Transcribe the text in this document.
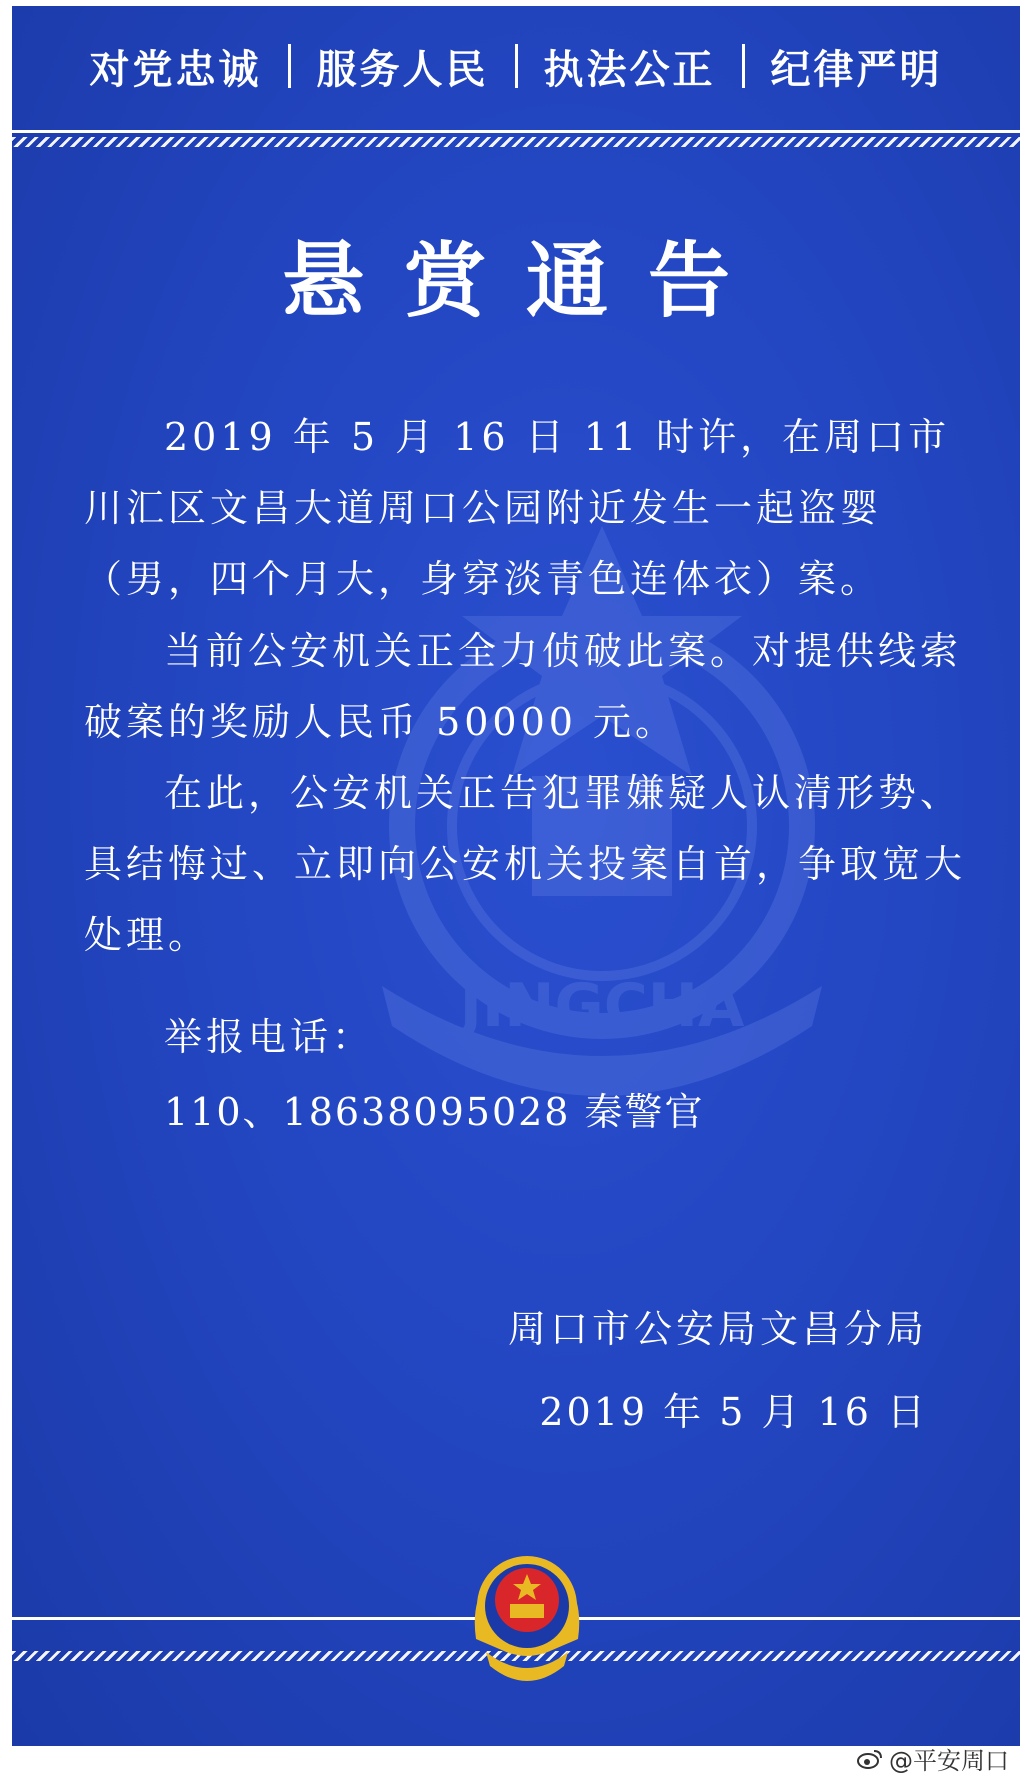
对党忠诚 服务人民 执法公正 纪律严明
JINGCHA
悬赏通告

2019 年 5 月 16 日 11 时许，在周口市川汇区文昌大道周口公园附近发生一起盗婴（男，四个月大，身穿淡青色连体衣）案。

当前公安机关正全力侦破此案。对提供线索破案的奖励人民币 50000 元。

在此，公安机关正告犯罪嫌疑人认清形势、具结悔过、立即向公安机关投案自首，争取宽大处理。

举报电话：
110、18638095028 秦警官
周口市公安局文昌分局
2019 年 5 月 16 日
@平安周口
